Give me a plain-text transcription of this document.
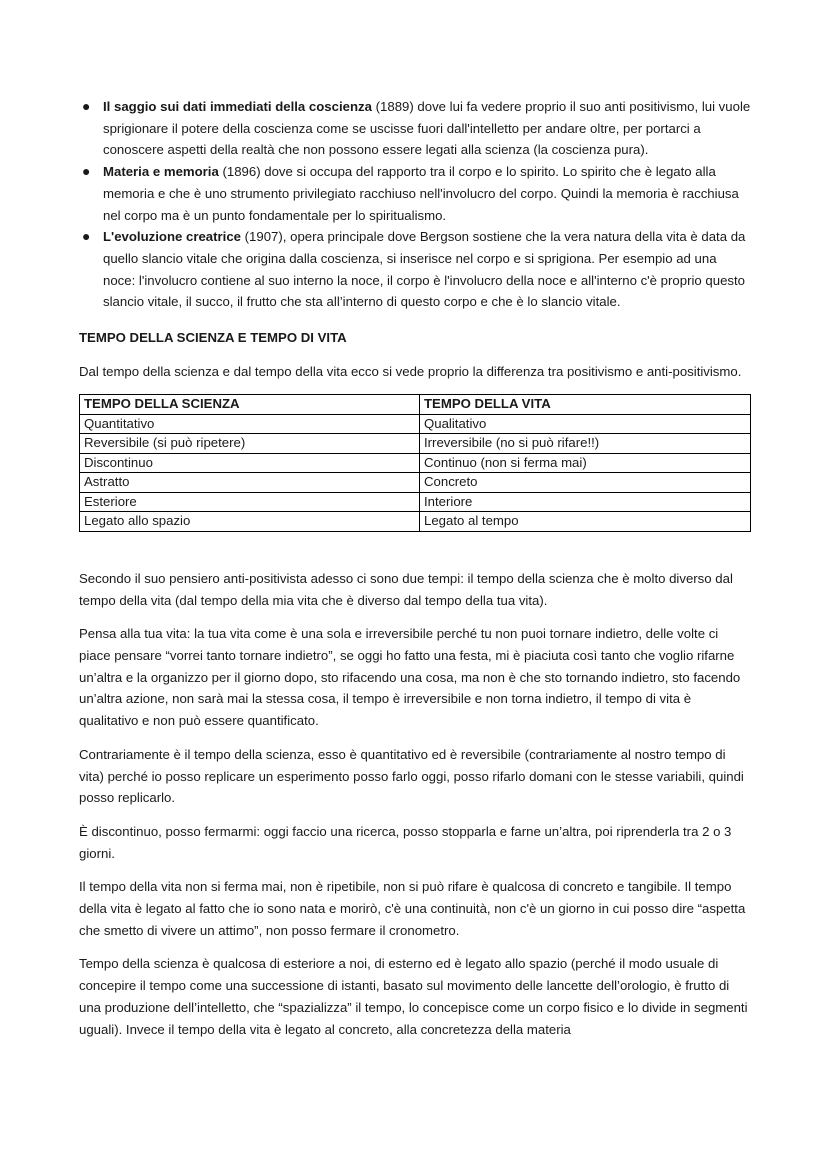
● Il saggio sui dati immediati della coscienza (1889) dove lui fa vedere proprio il suo anti positivismo, lui vuole sprigionare il potere della coscienza come se uscisse fuori dall'intelletto per andare oltre, per portarci a conoscere aspetti della realtà che non possono essere legati alla scienza (la coscienza pura).
● Materia e memoria (1896) dove si occupa del rapporto tra il corpo e lo spirito. Lo spirito che è legato alla memoria e che è uno strumento privilegiato racchiuso nell'involucro del corpo. Quindi la memoria è racchiusa nel corpo ma è un punto fondamentale per lo spiritualismo.
● L'evoluzione creatrice (1907), opera principale dove Bergson sostiene che la vera natura della vita è data da quello slancio vitale che origina dalla coscienza, si inserisce nel corpo e si sprigiona. Per esempio ad una noce: l'involucro contiene al suo interno la noce, il corpo è l'involucro della noce e all'interno c'è proprio questo slancio vitale, il succo, il frutto che sta all’interno di questo corpo e che è lo slancio vitale.
TEMPO DELLA SCIENZA E TEMPO DI VITA

Dal tempo della scienza e dal tempo della vita ecco si vede proprio la differenza tra positivismo e anti-positivismo.

TEMPO DELLA SCIENZA	TEMPO DELLA VITA
Quantitativo	Qualitativo
Reversibile (si può ripetere)	Irreversibile (no si può rifare!!)
Discontinuo	Continuo (non si ferma mai)
Astratto	Concreto
Esteriore	Interiore
Legato allo spazio	Legato al tempo

Secondo il suo pensiero anti-positivista adesso ci sono due tempi: il tempo della scienza che è molto diverso dal tempo della vita (dal tempo della mia vita che è diverso dal tempo della tua vita).

Pensa alla tua vita: la tua vita come è una sola e irreversibile perché tu non puoi tornare indietro, delle volte ci piace pensare “vorrei tanto tornare indietro”, se oggi ho fatto una festa, mi è piaciuta così tanto che voglio rifarne un’altra e la organizzo per il giorno dopo, sto rifacendo una cosa, ma non è che sto tornando indietro, sto facendo un’altra azione, non sarà mai la stessa cosa, il tempo è irreversibile e non torna indietro, il tempo di vita è qualitativo e non può essere quantificato.

Contrariamente è il tempo della scienza, esso è quantitativo ed è reversibile (contrariamente al nostro tempo di vita) perché io posso replicare un esperimento posso farlo oggi, posso rifarlo domani con le stesse variabili, quindi posso replicarlo.

È discontinuo, posso fermarmi: oggi faccio una ricerca, posso stopparla e farne un’altra, poi riprenderla tra 2 o 3 giorni.

Il tempo della vita non si ferma mai, non è ripetibile, non si può rifare è qualcosa di concreto e tangibile. Il tempo della vita è legato al fatto che io sono nata e morirò, c'è una continuità, non c'è un giorno in cui posso dire “aspetta che smetto di vivere un attimo”, non posso fermare il cronometro.

Tempo della scienza è qualcosa di esteriore a noi, di esterno ed è legato allo spazio (perché il modo usuale di concepire il tempo come una successione di istanti, basato sul movimento delle lancette dell’orologio, è frutto di una produzione dell’intelletto, che “spazializza” il tempo, lo concepisce come un corpo fisico e lo divide in segmenti uguali). Invece il tempo della vita è legato al concreto, alla concretezza della materia
